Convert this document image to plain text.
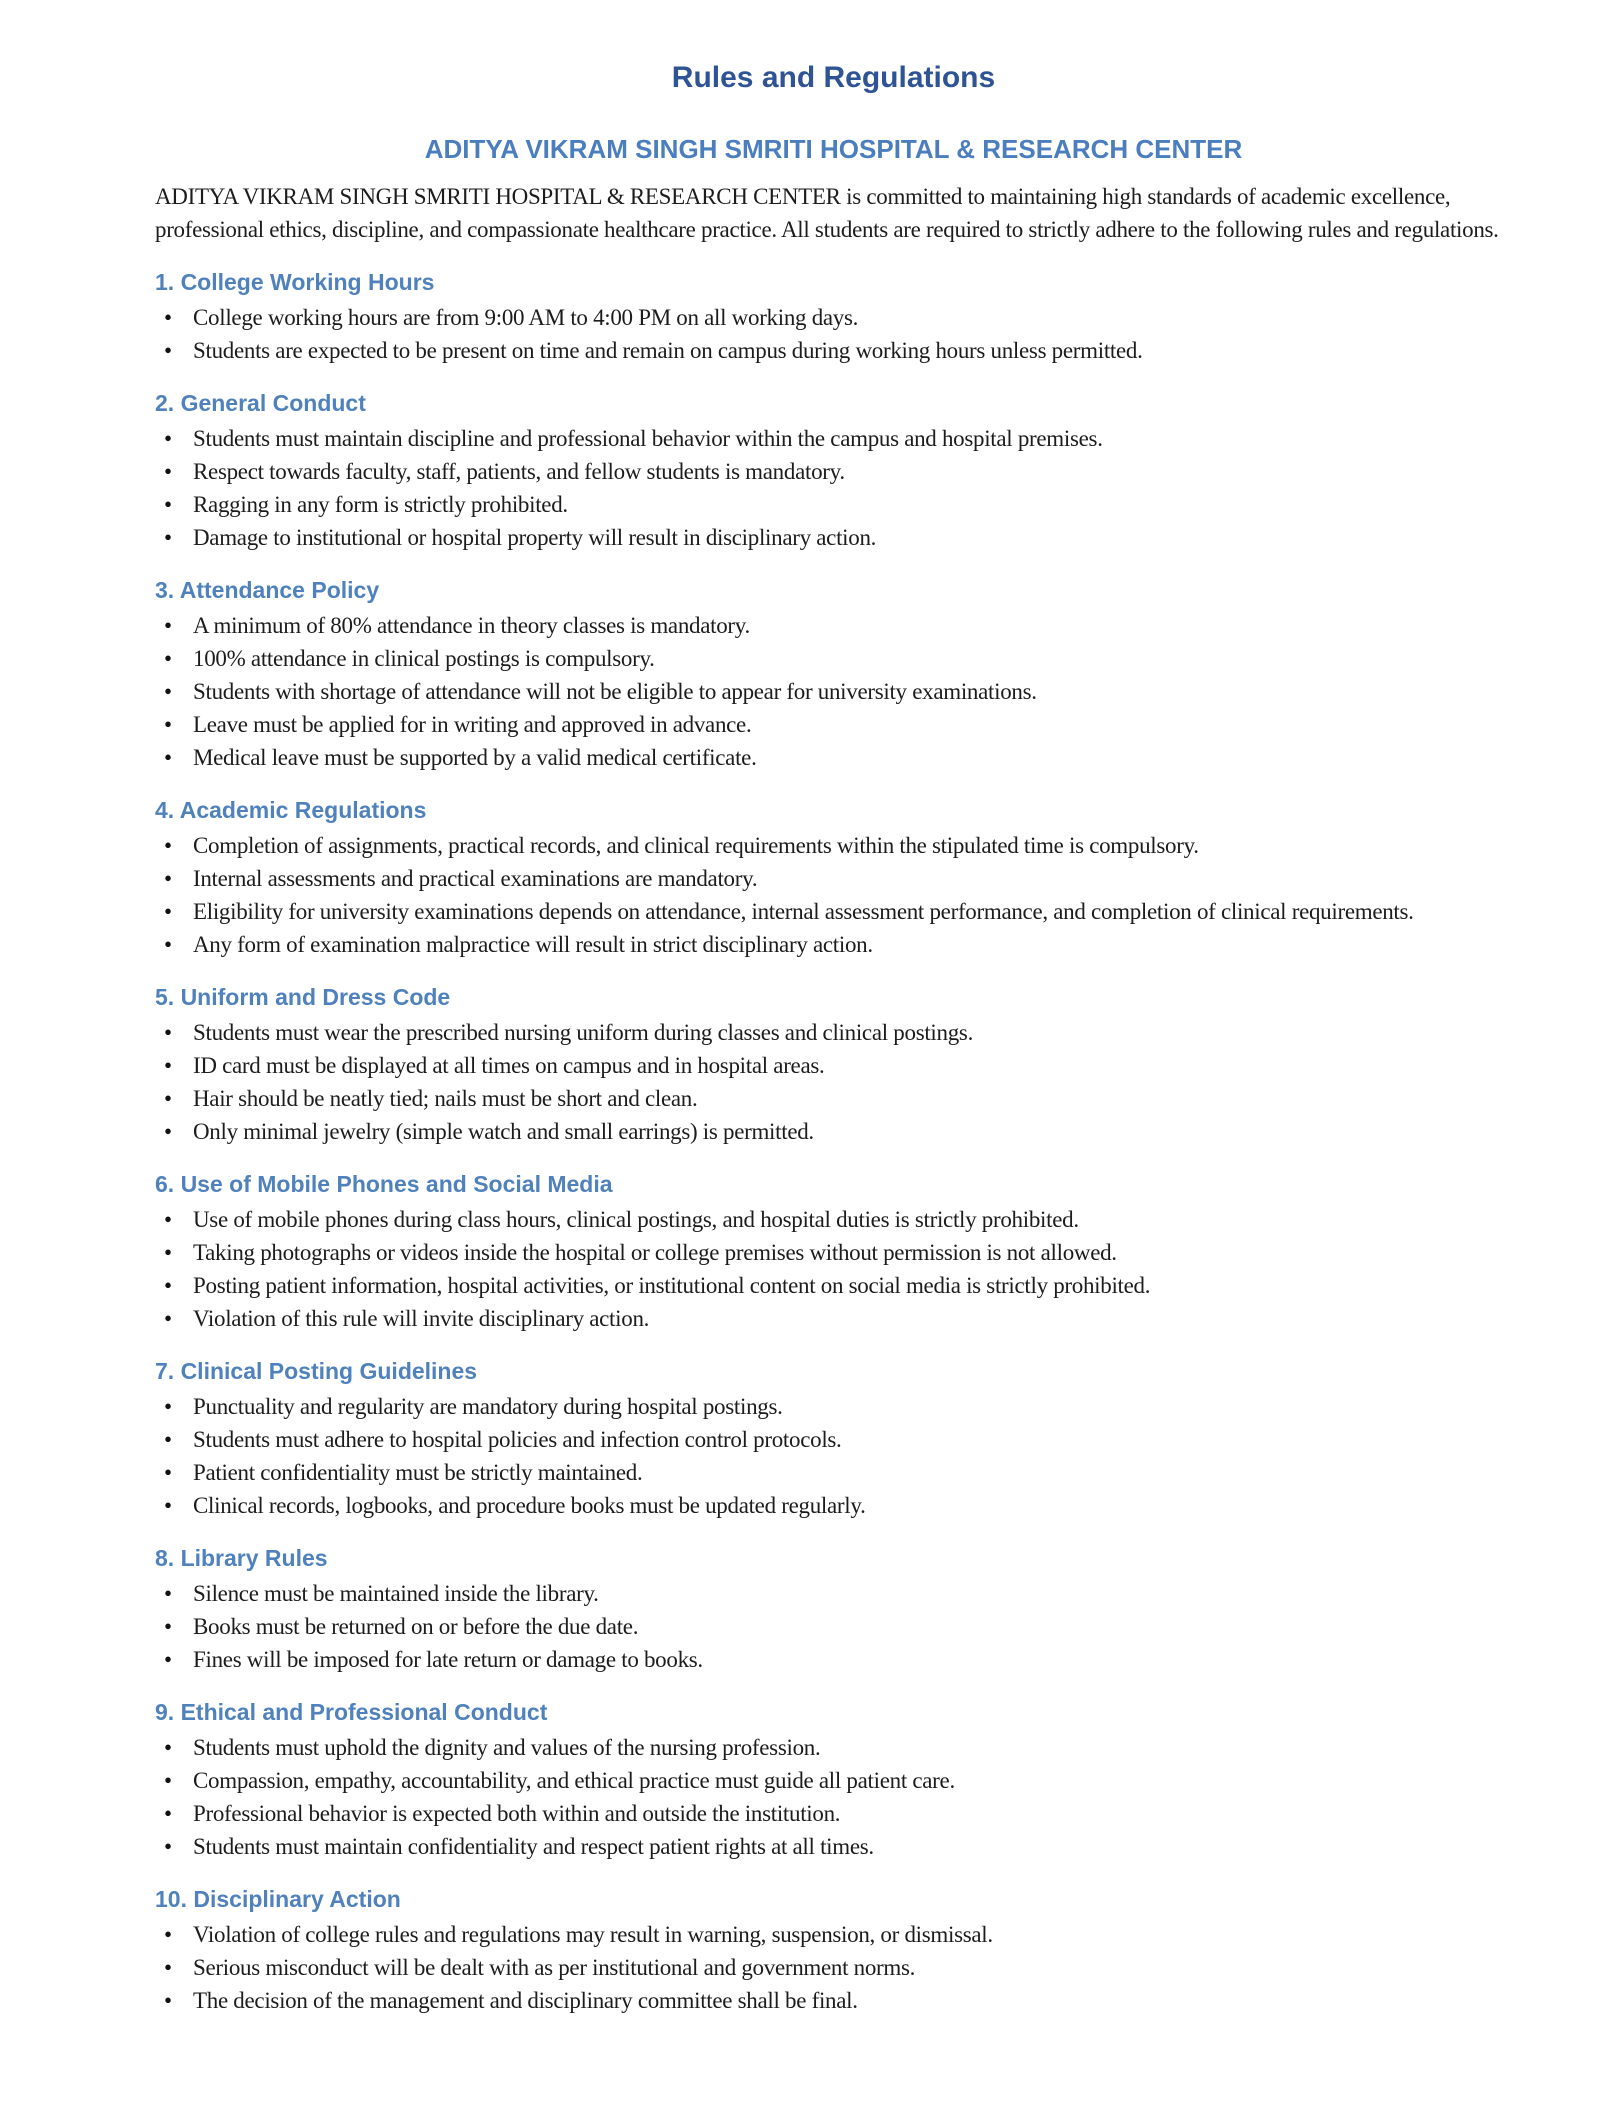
Rules and Regulations
ADITYA VIKRAM SINGH SMRITI HOSPITAL & RESEARCH CENTER

ADITYA VIKRAM SINGH SMRITI HOSPITAL & RESEARCH CENTER is committed to maintaining high standards of academic excellence, professional ethics, discipline, and compassionate healthcare practice. All students are required to strictly adhere to the following rules and regulations.

1. College Working Hours
• College working hours are from 9:00 AM to 4:00 PM on all working days.
• Students are expected to be present on time and remain on campus during working hours unless permitted.
2. General Conduct
• Students must maintain discipline and professional behavior within the campus and hospital premises.
• Respect towards faculty, staff, patients, and fellow students is mandatory.
• Ragging in any form is strictly prohibited.
• Damage to institutional or hospital property will result in disciplinary action.
3. Attendance Policy
• A minimum of 80% attendance in theory classes is mandatory.
• 100% attendance in clinical postings is compulsory.
• Students with shortage of attendance will not be eligible to appear for university examinations.
• Leave must be applied for in writing and approved in advance.
• Medical leave must be supported by a valid medical certificate.
4. Academic Regulations
• Completion of assignments, practical records, and clinical requirements within the stipulated time is compulsory.
• Internal assessments and practical examinations are mandatory.
• Eligibility for university examinations depends on attendance, internal assessment performance, and completion of clinical requirements.
• Any form of examination malpractice will result in strict disciplinary action.
5. Uniform and Dress Code
• Students must wear the prescribed nursing uniform during classes and clinical postings.
• ID card must be displayed at all times on campus and in hospital areas.
• Hair should be neatly tied; nails must be short and clean.
• Only minimal jewelry (simple watch and small earrings) is permitted.
6. Use of Mobile Phones and Social Media
• Use of mobile phones during class hours, clinical postings, and hospital duties is strictly prohibited.
• Taking photographs or videos inside the hospital or college premises without permission is not allowed.
• Posting patient information, hospital activities, or institutional content on social media is strictly prohibited.
• Violation of this rule will invite disciplinary action.
7. Clinical Posting Guidelines
• Punctuality and regularity are mandatory during hospital postings.
• Students must adhere to hospital policies and infection control protocols.
• Patient confidentiality must be strictly maintained.
• Clinical records, logbooks, and procedure books must be updated regularly.
8. Library Rules
• Silence must be maintained inside the library.
• Books must be returned on or before the due date.
• Fines will be imposed for late return or damage to books.
9. Ethical and Professional Conduct
• Students must uphold the dignity and values of the nursing profession.
• Compassion, empathy, accountability, and ethical practice must guide all patient care.
• Professional behavior is expected both within and outside the institution.
• Students must maintain confidentiality and respect patient rights at all times.
10. Disciplinary Action
• Violation of college rules and regulations may result in warning, suspension, or dismissal.
• Serious misconduct will be dealt with as per institutional and government norms.
• The decision of the management and disciplinary committee shall be final.
